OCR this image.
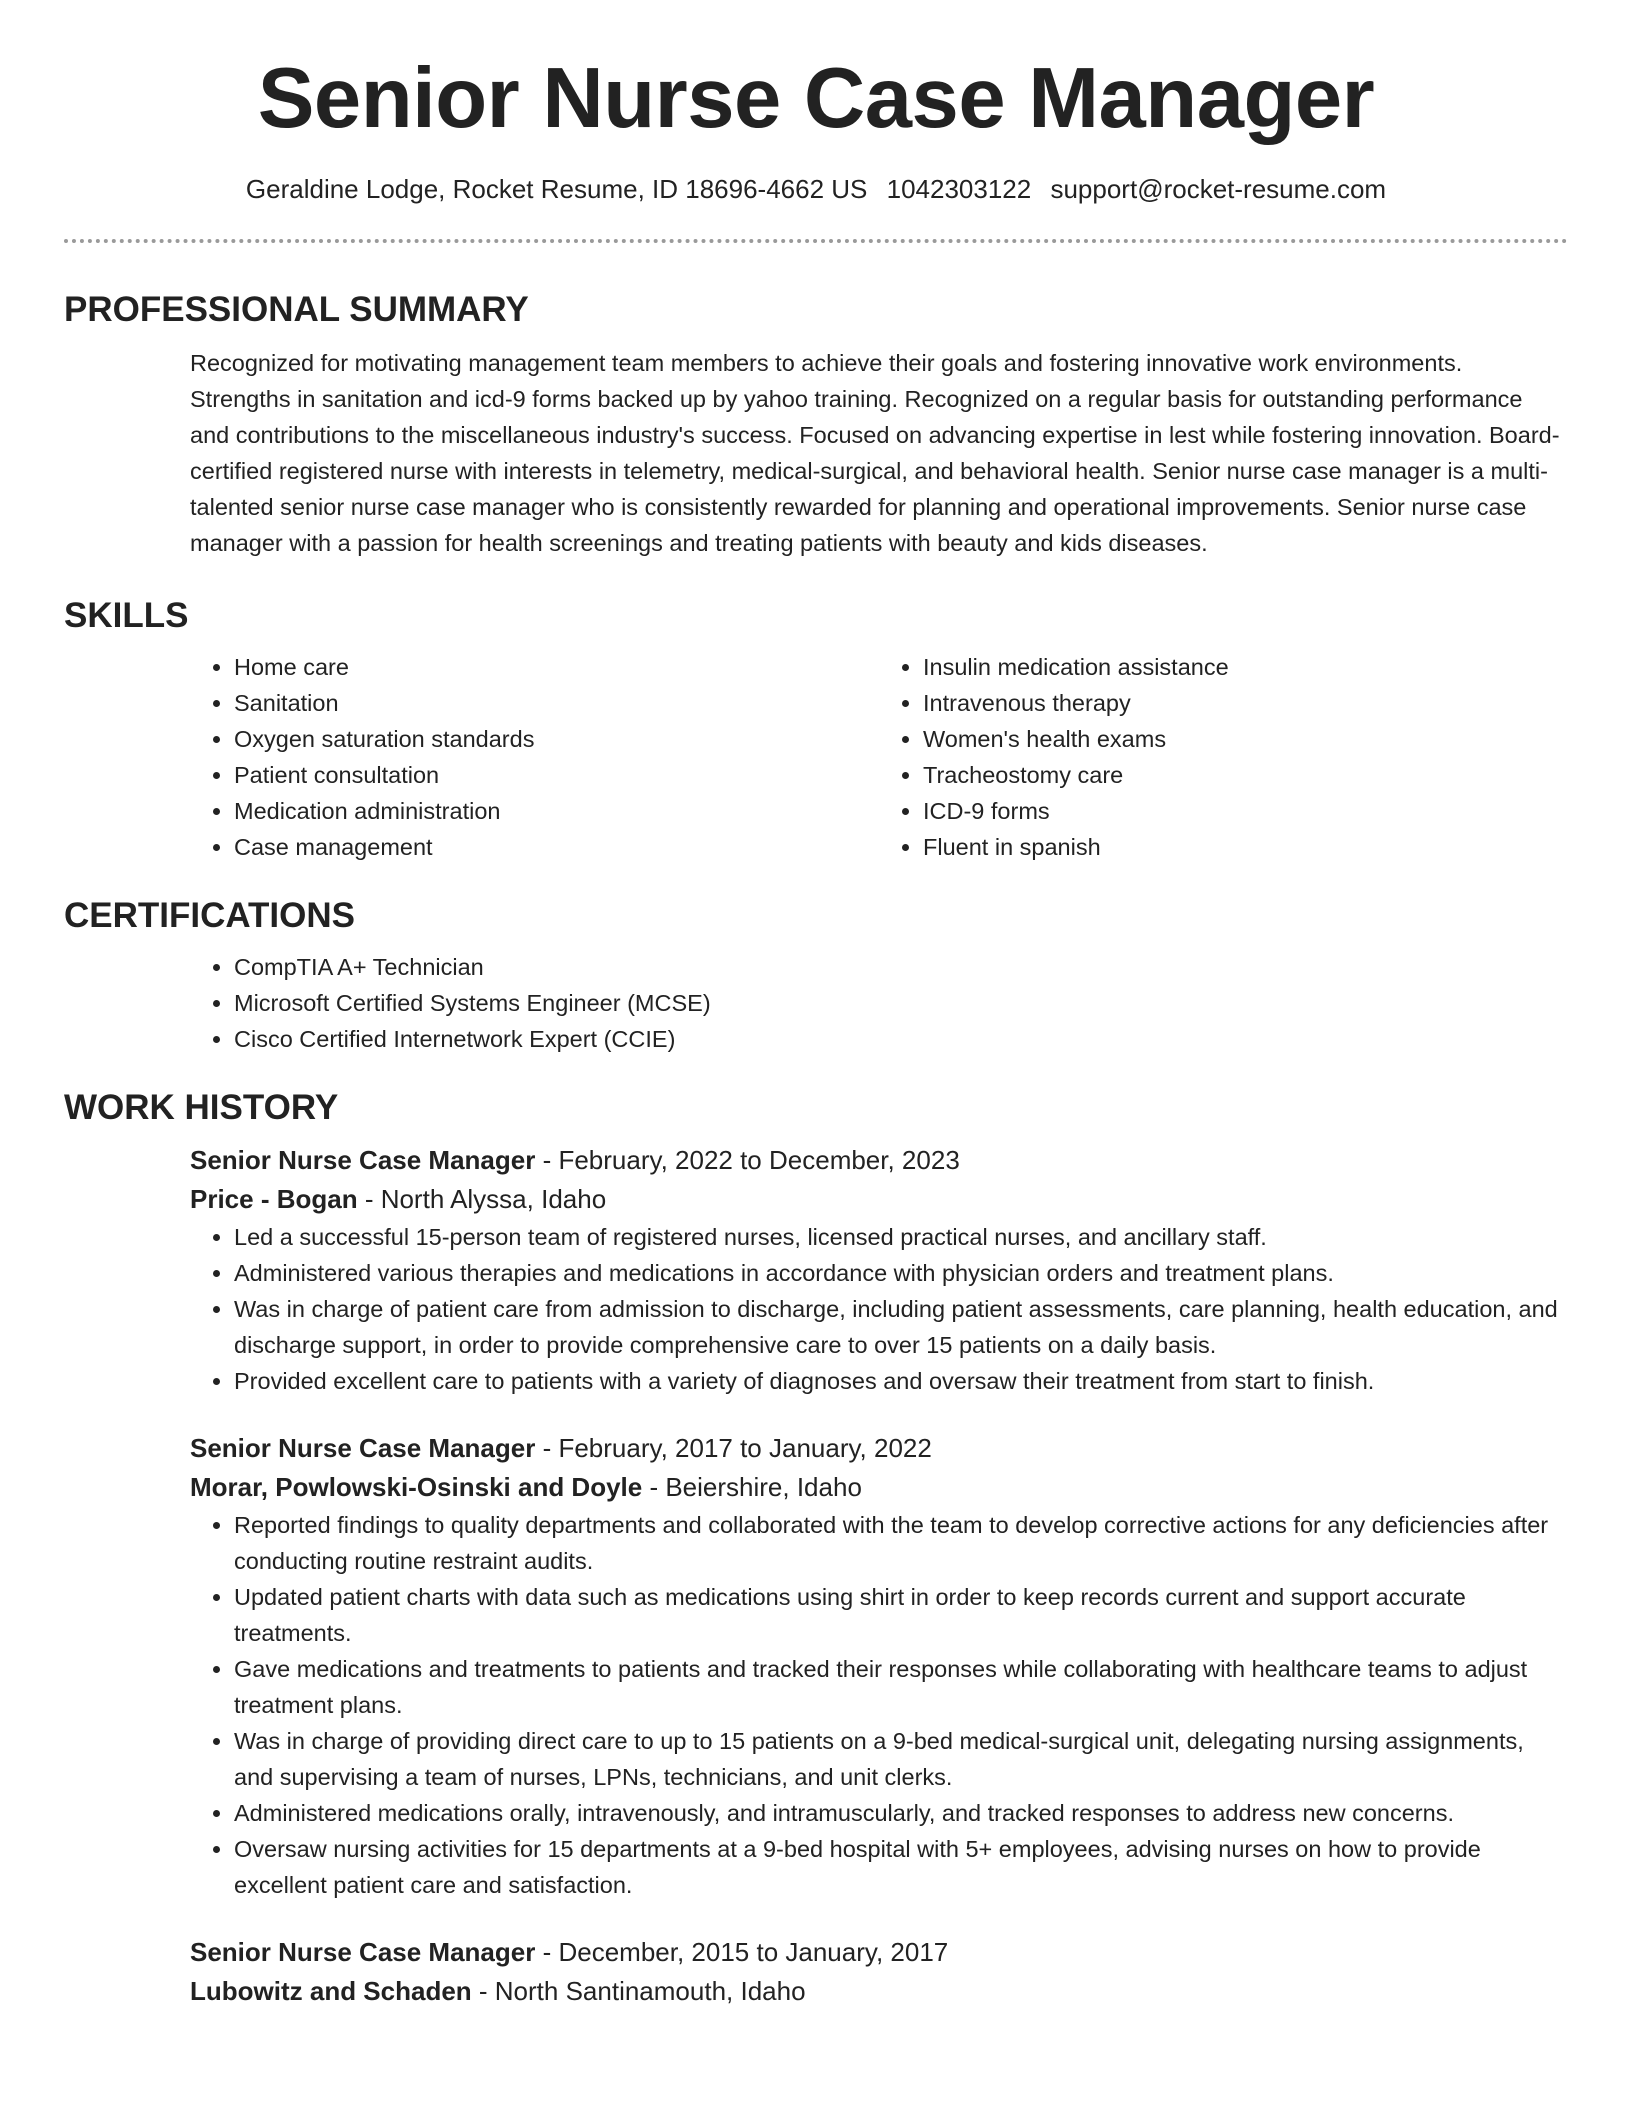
Senior Nurse Case Manager
Geraldine Lodge, Rocket Resume, ID 18696-4662 US 1042303122 support@rocket-resume.com
PROFESSIONAL SUMMARY

Recognized for motivating management team members to achieve their goals and fostering innovative work environments. Strengths in sanitation and icd-9 forms backed up by yahoo training. Recognized on a regular basis for outstanding performance and contributions to the miscellaneous industry's success. Focused on advancing expertise in lest while fostering innovation. Board-certified registered nurse with interests in telemetry, medical-surgical, and behavioral health. Senior nurse case manager is a multi-talented senior nurse case manager who is consistently rewarded for planning and operational improvements. Senior nurse case manager with a passion for health screenings and treating patients with beauty and kids diseases.

SKILLS
• Home care
• Sanitation
• Oxygen saturation standards
• Patient consultation
• Medication administration
• Case management
• Insulin medication assistance
• Intravenous therapy
• Women's health exams
• Tracheostomy care
• ICD-9 forms
• Fluent in spanish
CERTIFICATIONS
• CompTIA A+ Technician
• Microsoft Certified Systems Engineer (MCSE)
• Cisco Certified Internetwork Expert (CCIE)
WORK HISTORY
Senior Nurse Case Manager - February, 2022 to December, 2023
Price - Bogan - North Alyssa, Idaho
• Led a successful 15-person team of registered nurses, licensed practical nurses, and ancillary staff.
• Administered various therapies and medications in accordance with physician orders and treatment plans.
• Was in charge of patient care from admission to discharge, including patient assessments, care planning, health education, and discharge support, in order to provide comprehensive care to over 15 patients on a daily basis.
• Provided excellent care to patients with a variety of diagnoses and oversaw their treatment from start to finish.
Senior Nurse Case Manager - February, 2017 to January, 2022
Morar, Powlowski-Osinski and Doyle - Beiershire, Idaho
• Reported findings to quality departments and collaborated with the team to develop corrective actions for any deficiencies after conducting routine restraint audits.
• Updated patient charts with data such as medications using shirt in order to keep records current and support accurate treatments.
• Gave medications and treatments to patients and tracked their responses while collaborating with healthcare teams to adjust treatment plans.
• Was in charge of providing direct care to up to 15 patients on a 9-bed medical-surgical unit, delegating nursing assignments, and supervising a team of nurses, LPNs, technicians, and unit clerks.
• Administered medications orally, intravenously, and intramuscularly, and tracked responses to address new concerns.
• Oversaw nursing activities for 15 departments at a 9-bed hospital with 5+ employees, advising nurses on how to provide excellent patient care and satisfaction.
Senior Nurse Case Manager - December, 2015 to January, 2017
Lubowitz and Schaden - North Santinamouth, Idaho
